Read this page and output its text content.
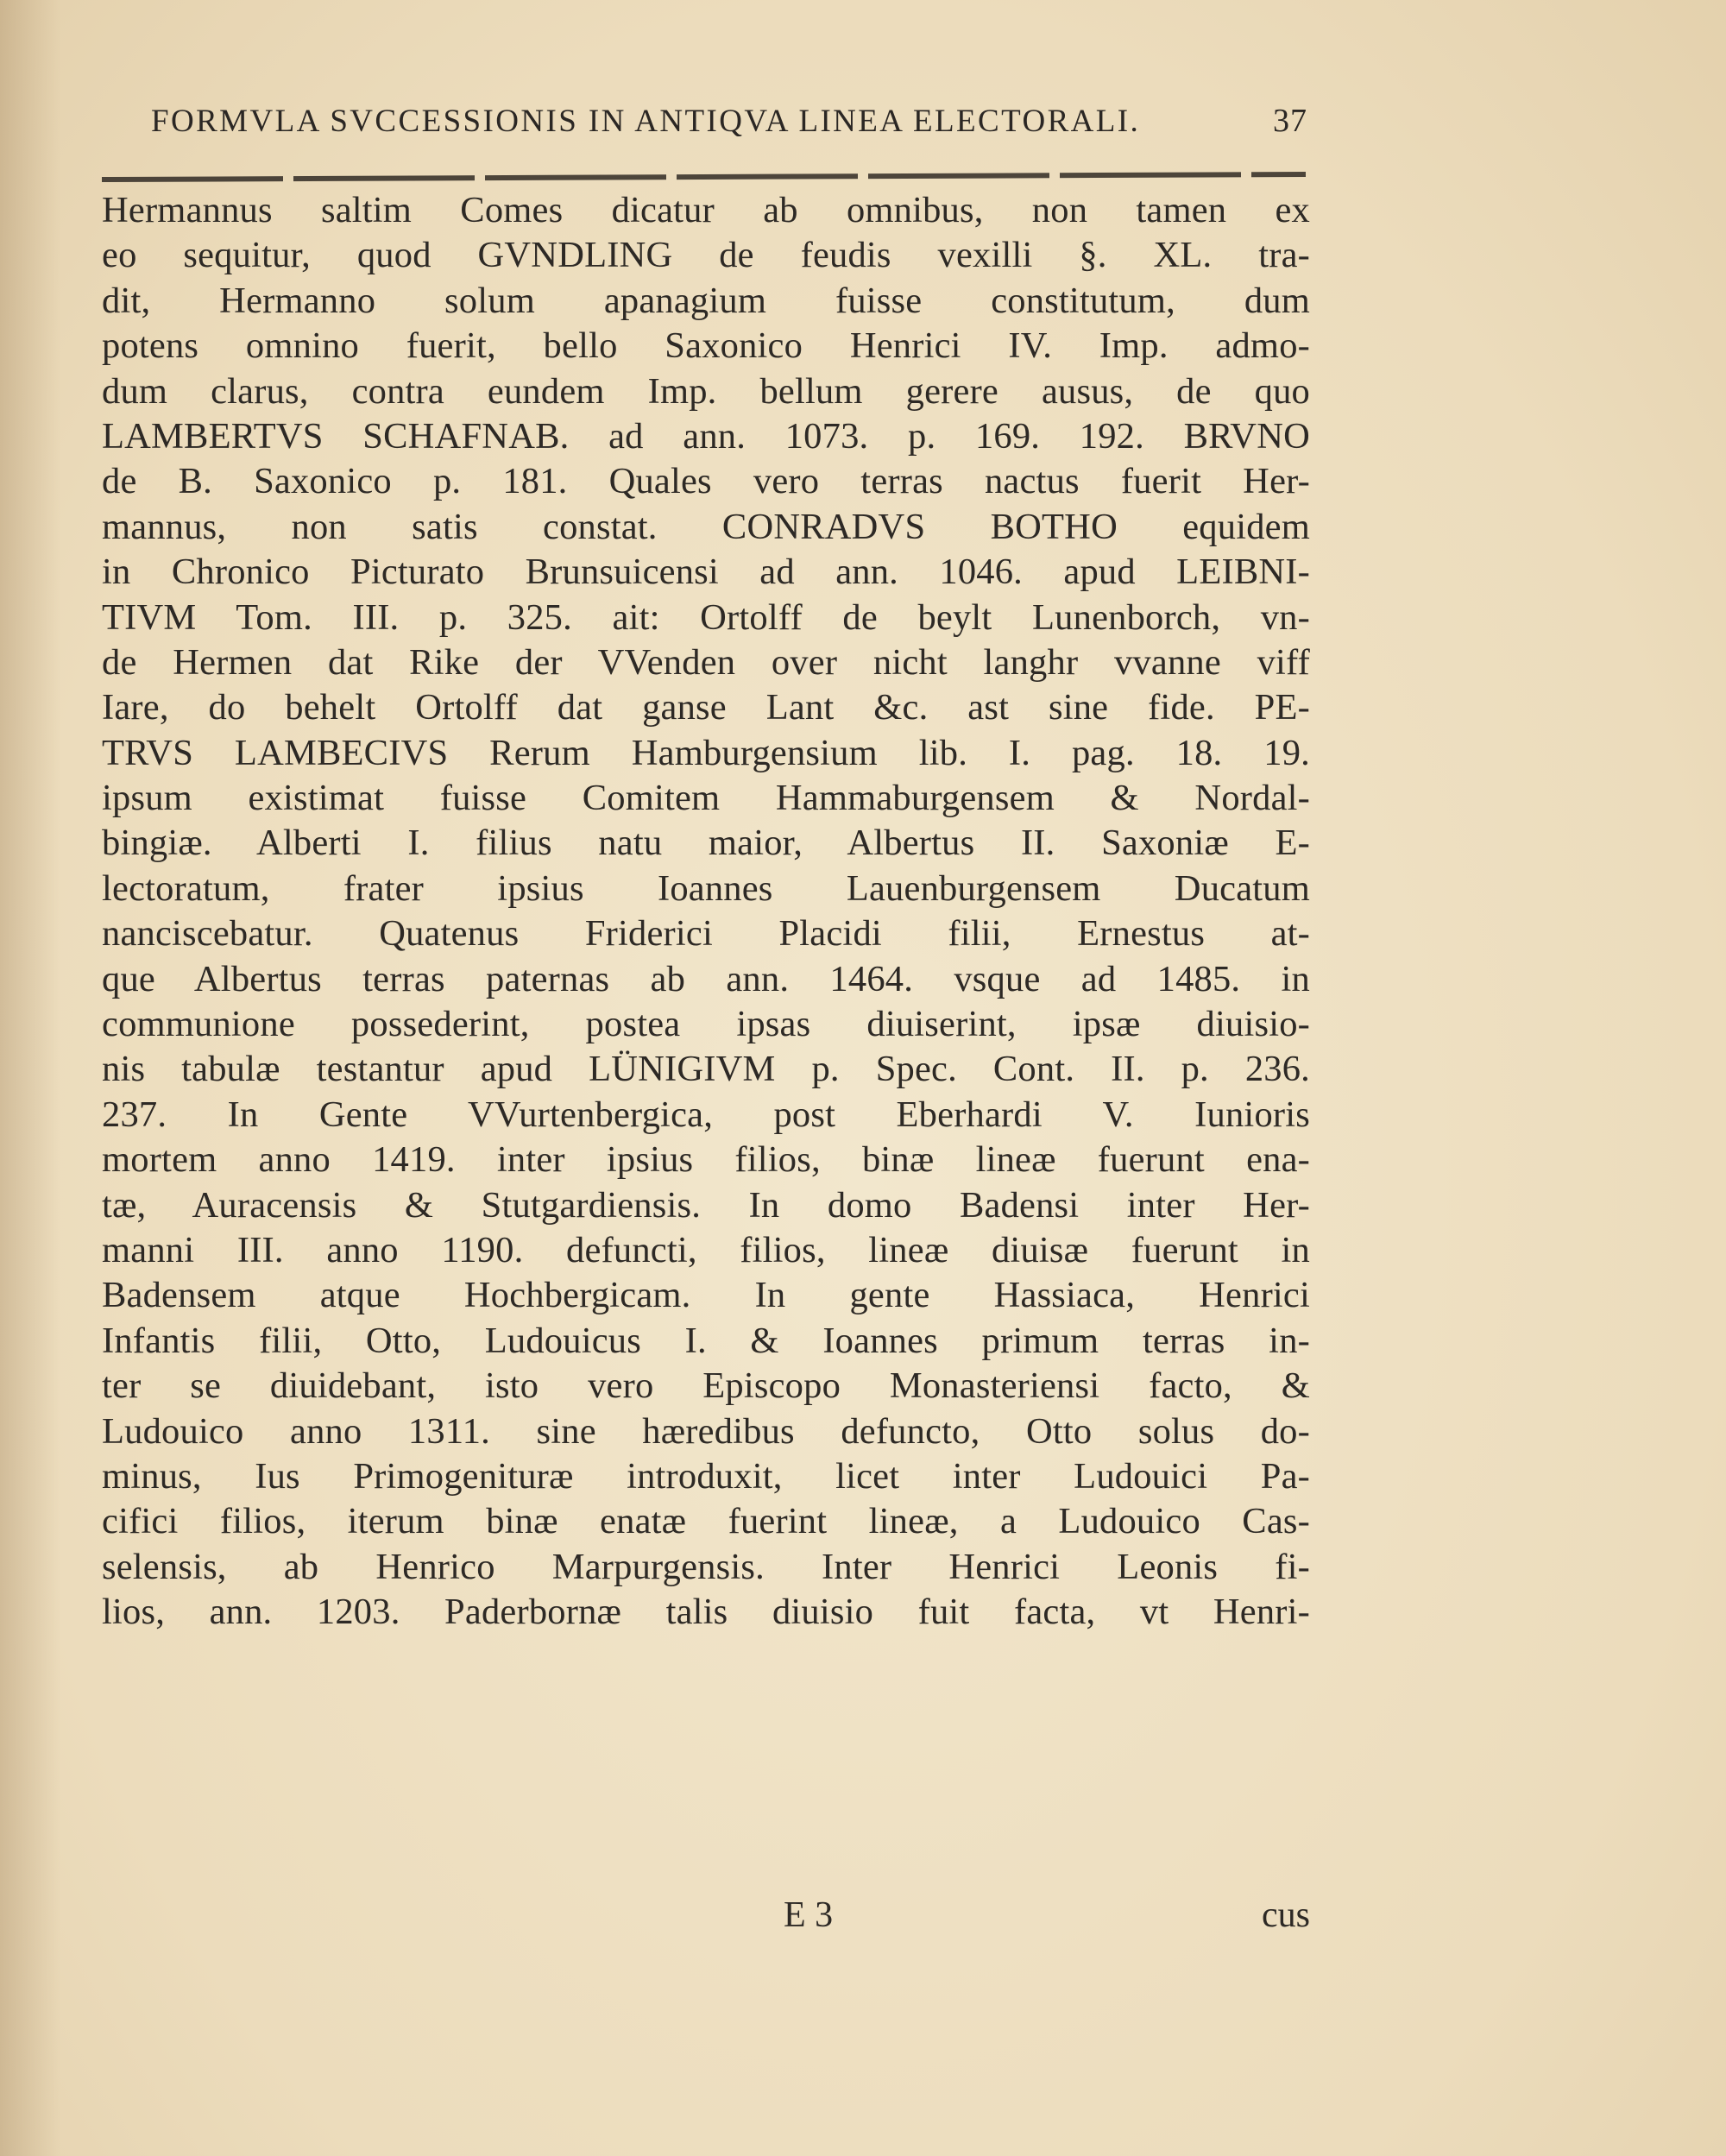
FORMVLA SVCCESSIONIS IN ANTIQVA LINEA ELECTORALI.	37
Hermannus saltim Comes dicatur ab omnibus, non tamen ex
eo sequitur, quod GVNDLING de feudis vexilli §. XL. tra-
dit, Hermanno solum apanagium fuisse constitutum, dum
potens omnino fuerit, bello Saxonico Henrici IV. Imp. admo-
dum clarus, contra eundem Imp. bellum gerere ausus, de quo
LAMBERTVS SCHAFNAB. ad ann. 1073. p. 169. 192. BRVNO
de B. Saxonico p. 181. Quales vero terras nactus fuerit Her-
mannus, non satis constat. CONRADVS BOTHO equidem
in Chronico Picturato Brunsuicensi ad ann. 1046. apud LEIBNI-
TIVM Tom. III. p. 325. ait: Ortolff de beylt Lunenborch, vn-
de Hermen dat Rike der VVenden over nicht langhr vvanne viff
Iare, do behelt Ortolff dat ganse Lant &c. ast sine fide. PE-
TRVS LAMBECIVS Rerum Hamburgensium lib. I. pag. 18. 19.
ipsum existimat fuisse Comitem Hammaburgensem & Nordal-
bingiæ. Alberti I. filius natu maior, Albertus II. Saxoniæ E-
lectoratum, frater ipsius Ioannes Lauenburgensem Ducatum
nanciscebatur. Quatenus Friderici Placidi filii, Ernestus at-
que Albertus terras paternas ab ann. 1464. vsque ad 1485. in
communione possederint, postea ipsas diuiserint, ipsæ diuisio-
nis tabulæ testantur apud LÜNIGIVM p. Spec. Cont. II. p. 236.
237. In Gente VVurtenbergica, post Eberhardi V. Iunioris
mortem anno 1419. inter ipsius filios, binæ lineæ fuerunt ena-
tæ, Auracensis & Stutgardiensis. In domo Badensi inter Her-
manni III. anno 1190. defuncti, filios, lineæ diuisæ fuerunt in
Badensem atque Hochbergicam. In gente Hassiaca, Henrici
Infantis filii, Otto, Ludouicus I. & Ioannes primum terras in-
ter se diuidebant, isto vero Episcopo Monasteriensi facto, &
Ludouico anno 1311. sine hæredibus defuncto, Otto solus do-
minus, Ius Primogenituræ introduxit, licet inter Ludouici Pa-
cifici filios, iterum binæ enatæ fuerint lineæ, a Ludouico Cas-
selensis, ab Henrico Marpurgensis. Inter Henrici Leonis fi-
lios, ann. 1203. Paderbornæ talis diuisio fuit facta, vt Henri-
E 3	cus
